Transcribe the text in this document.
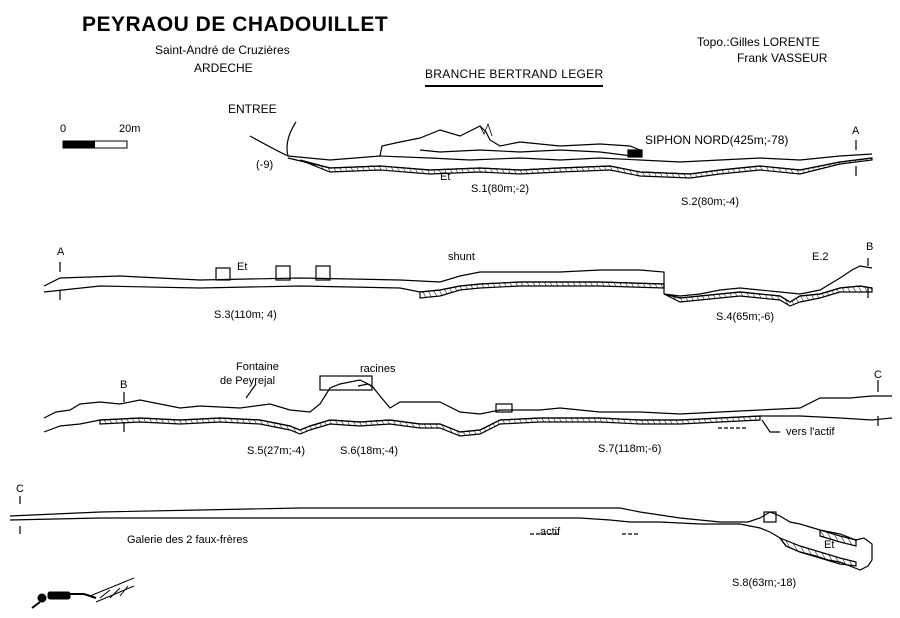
PEYRAOU DE CHADOUILLET
Saint-André de Cruzières
ARDECHE
Topo.:Gilles LORENTE
Frank VASSEUR
BRANCHE BERTRAND LEGER
0	20m
ENTREE
(-9)
Et
SIPHON NORD(425m;-78)
S.1(80m;-2)
S.2(80m;-4)
A
A
Et
shunt	E.2
B
S.3(110m; 4)	S.4(65m;-6)
Fontaine
de Peyrejal
racines
B
C
S.5(27m;-4)	S.6(18m;-4)	S.7(118m;-6)
vers l'actif
C
Galerie des 2 faux-frères
actif
Et
S.8(63m;-18)
